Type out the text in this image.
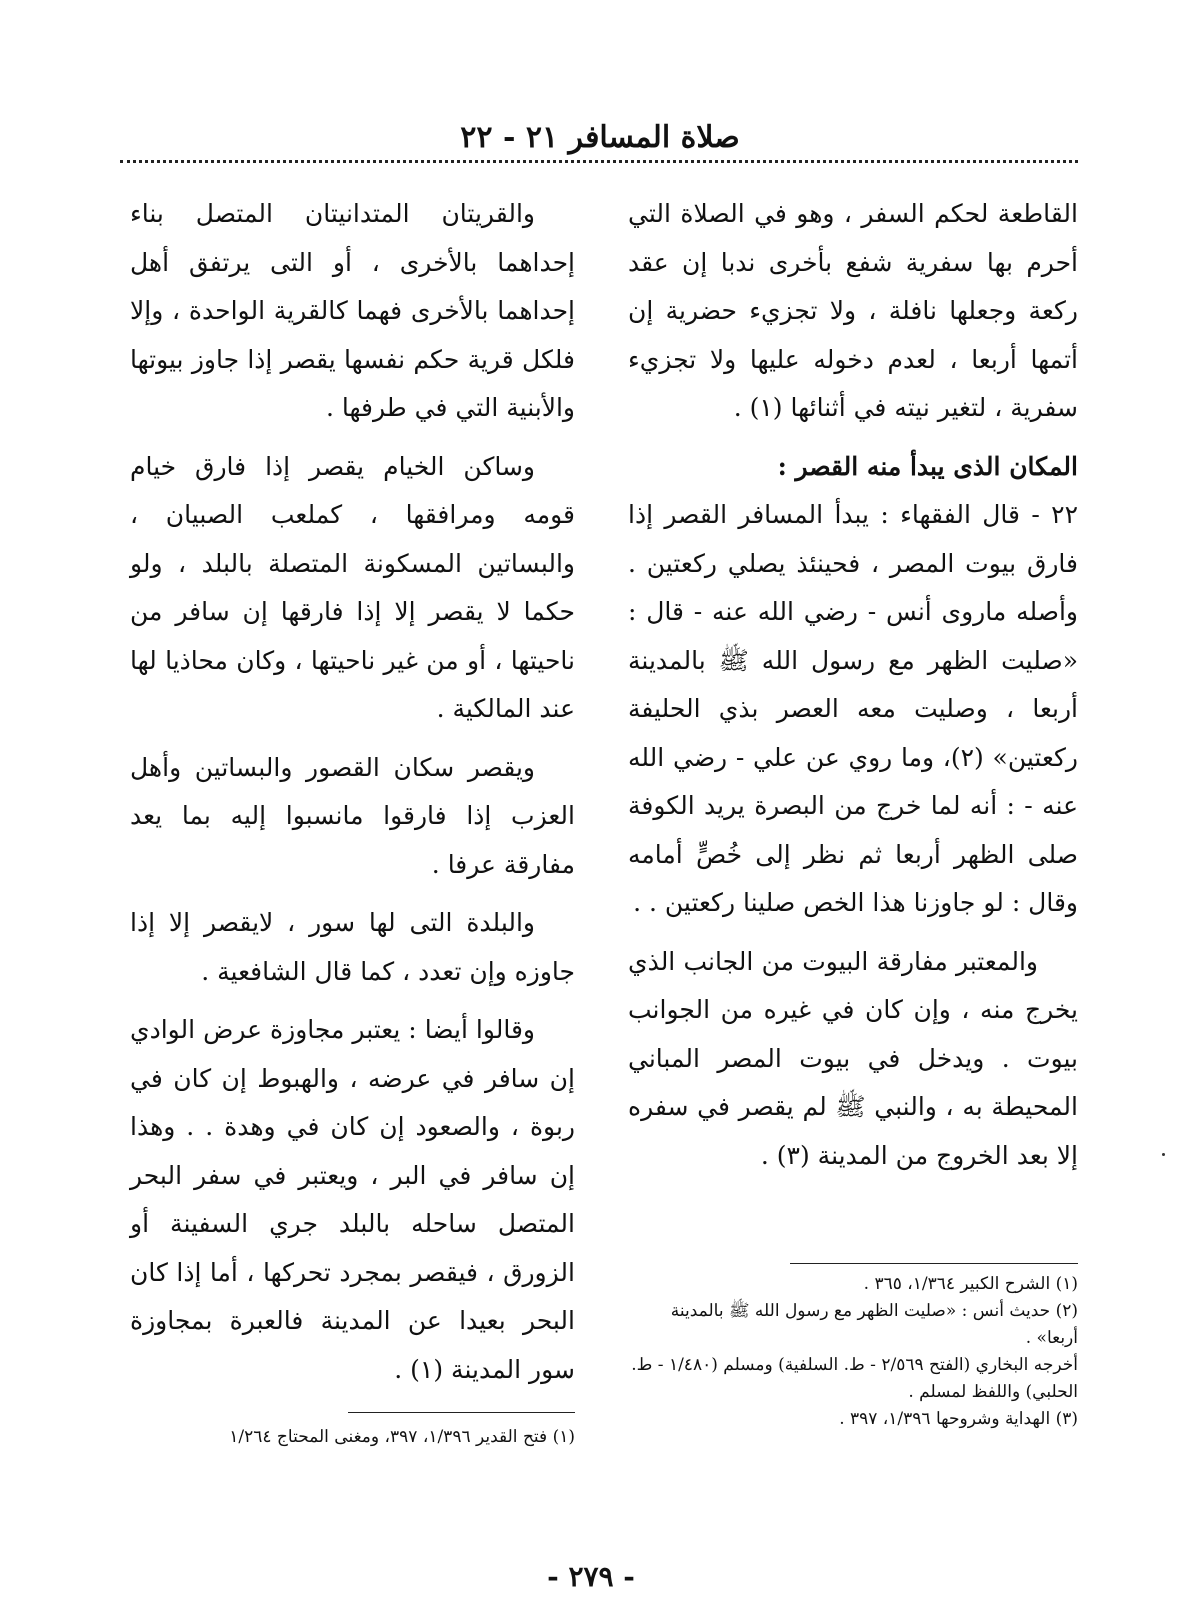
صلاة المسافر ٢١ - ٢٢

القاطعة لحكم السفر ، وهو في الصلاة التي أحرم بها سفرية شفع بأخرى ندبا إن عقد ركعة وجعلها نافلة ، ولا تجزيء حضرية إن أتمها أربعا ، لعدم دخوله عليها ولا تجزيء سفرية ، لتغير نيته في أثنائها (١) .

المكان الذى يبدأ منه القصر :

٢٢ - قال الفقهاء : يبدأ المسافر القصر إذا فارق بيوت المصر ، فحينئذ يصلي ركعتين . وأصله ماروى أنس - رضي الله عنه - قال : «صليت الظهر مع رسول الله ﷺ بالمدينة أربعا ، وصليت معه العصر بذي الحليفة ركعتين» (٢)، وما روي عن علي - رضي الله عنه - : أنه لما خرج من البصرة يريد الكوفة صلى الظهر أربعا ثم نظر إلى خُصٍّ أمامه وقال : لو جاوزنا هذا الخص صلينا ركعتين . .

والمعتبر مفارقة البيوت من الجانب الذي يخرج منه ، وإن كان في غيره من الجوانب بيوت . ويدخل في بيوت المصر المباني المحيطة به ، والنبي ﷺ لم يقصر في سفره إلا بعد الخروج من المدينة (٣) .

والقريتان المتدانيتان المتصل بناء إحداهما بالأخرى ، أو التى يرتفق أهل إحداهما بالأخرى فهما كالقرية الواحدة ، وإلا فلكل قرية حكم نفسها يقصر إذا جاوز بيوتها والأبنية التي في طرفها .

وساكن الخيام يقصر إذا فارق خيام قومه ومرافقها ، كملعب الصبيان ، والبساتين المسكونة المتصلة بالبلد ، ولو حكما لا يقصر إلا إذا فارقها إن سافر من ناحيتها ، أو من غير ناحيتها ، وكان محاذيا لها عند المالكية .

ويقصر سكان القصور والبساتين وأهل العزب إذا فارقوا مانسبوا إليه بما يعد مفارقة عرفا .

والبلدة التى لها سور ، لايقصر إلا إذا جاوزه وإن تعدد ، كما قال الشافعية .

وقالوا أيضا : يعتبر مجاوزة عرض الوادي إن سافر في عرضه ، والهبوط إن كان في ربوة ، والصعود إن كان في وهدة . . وهذا إن سافر في البر ، ويعتبر في سفر البحر المتصل ساحله بالبلد جري السفينة أو الزورق ، فيقصر بمجرد تحركها ، أما إذا كان البحر بعيدا عن المدينة فالعبرة بمجاوزة سور المدينة (١) .

(١) الشرح الكبير ١/٣٦٤، ٣٦٥ .
(٢) حديث أنس : «صليت الظهر مع رسول الله ﷺ بالمدينة أربعا» .
أخرجه البخاري (الفتح ٢/٥٦٩ - ط. السلفية) ومسلم (١/٤٨٠ - ط. الحلبي) واللفظ لمسلم .
(٣) الهداية وشروحها ١/٣٩٦، ٣٩٧ .
(١) فتح القدير ١/٣٩٦، ٣٩٧، ومغنى المحتاج ١/٢٦٤
- ٢٧٩ -
